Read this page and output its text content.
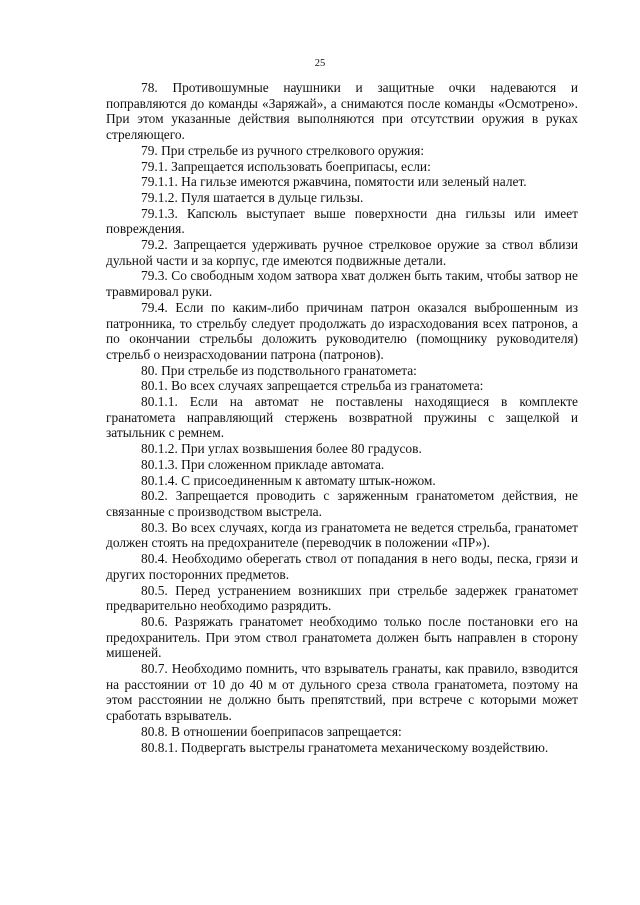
25

78. Противошумные наушники и защитные очки надеваются и поправляются до команды «Заряжай», а снимаются после команды «Осмотрено». При этом указанные действия выполняются при отсутствии оружия в руках стреляющего.

79. При стрельбе из ручного стрелкового оружия:

79.1. Запрещается использовать боеприпасы, если:

79.1.1. На гильзе имеются ржавчина, помятости или зеленый налет.

79.1.2. Пуля шатается в дульце гильзы.

79.1.3. Капсюль выступает выше поверхности дна гильзы или имеет повреждения.

79.2. Запрещается удерживать ручное стрелковое оружие за ствол вблизи дульной части и за корпус, где имеются подвижные детали.

79.3. Со свободным ходом затвора хват должен быть таким, чтобы затвор не травмировал руки.

79.4. Если по каким-либо причинам патрон оказался выброшенным из патронника, то стрельбу следует продолжать до израсходования всех патронов, а по окончании стрельбы доложить руководителю (помощнику руководителя) стрельб о неизрасходовании патрона (патронов).

80. При стрельбе из подствольного гранатомета:

80.1. Во всех случаях запрещается стрельба из гранатомета:

80.1.1. Если на автомат не поставлены находящиеся в комплекте гранатомета направляющий стержень возвратной пружины с защелкой и затыльник с ремнем.

80.1.2. При углах возвышения более 80 градусов.

80.1.3. При сложенном прикладе автомата.

80.1.4. С присоединенным к автомату штык-ножом.

80.2. Запрещается проводить с заряженным гранатометом действия, не связанные с производством выстрела.

80.3. Во всех случаях, когда из гранатомета не ведется стрельба, гранатомет должен стоять на предохранителе (переводчик в положении «ПР»).

80.4. Необходимо оберегать ствол от попадания в него воды, песка, грязи и других посторонних предметов.

80.5. Перед устранением возникших при стрельбе задержек гранатомет предварительно необходимо разрядить.

80.6. Разряжать гранатомет необходимо только после постановки его на предохранитель. При этом ствол гранатомета должен быть направлен в сторону мишеней.

80.7. Необходимо помнить, что взрыватель гранаты, как правило, взводится на расстоянии от 10 до 40 м от дульного среза ствола гранатомета, поэтому на этом расстоянии не должно быть препятствий, при встрече с которыми может сработать взрыватель.

80.8. В отношении боеприпасов запрещается:

80.8.1. Подвергать выстрелы гранатомета механическому воздействию.
